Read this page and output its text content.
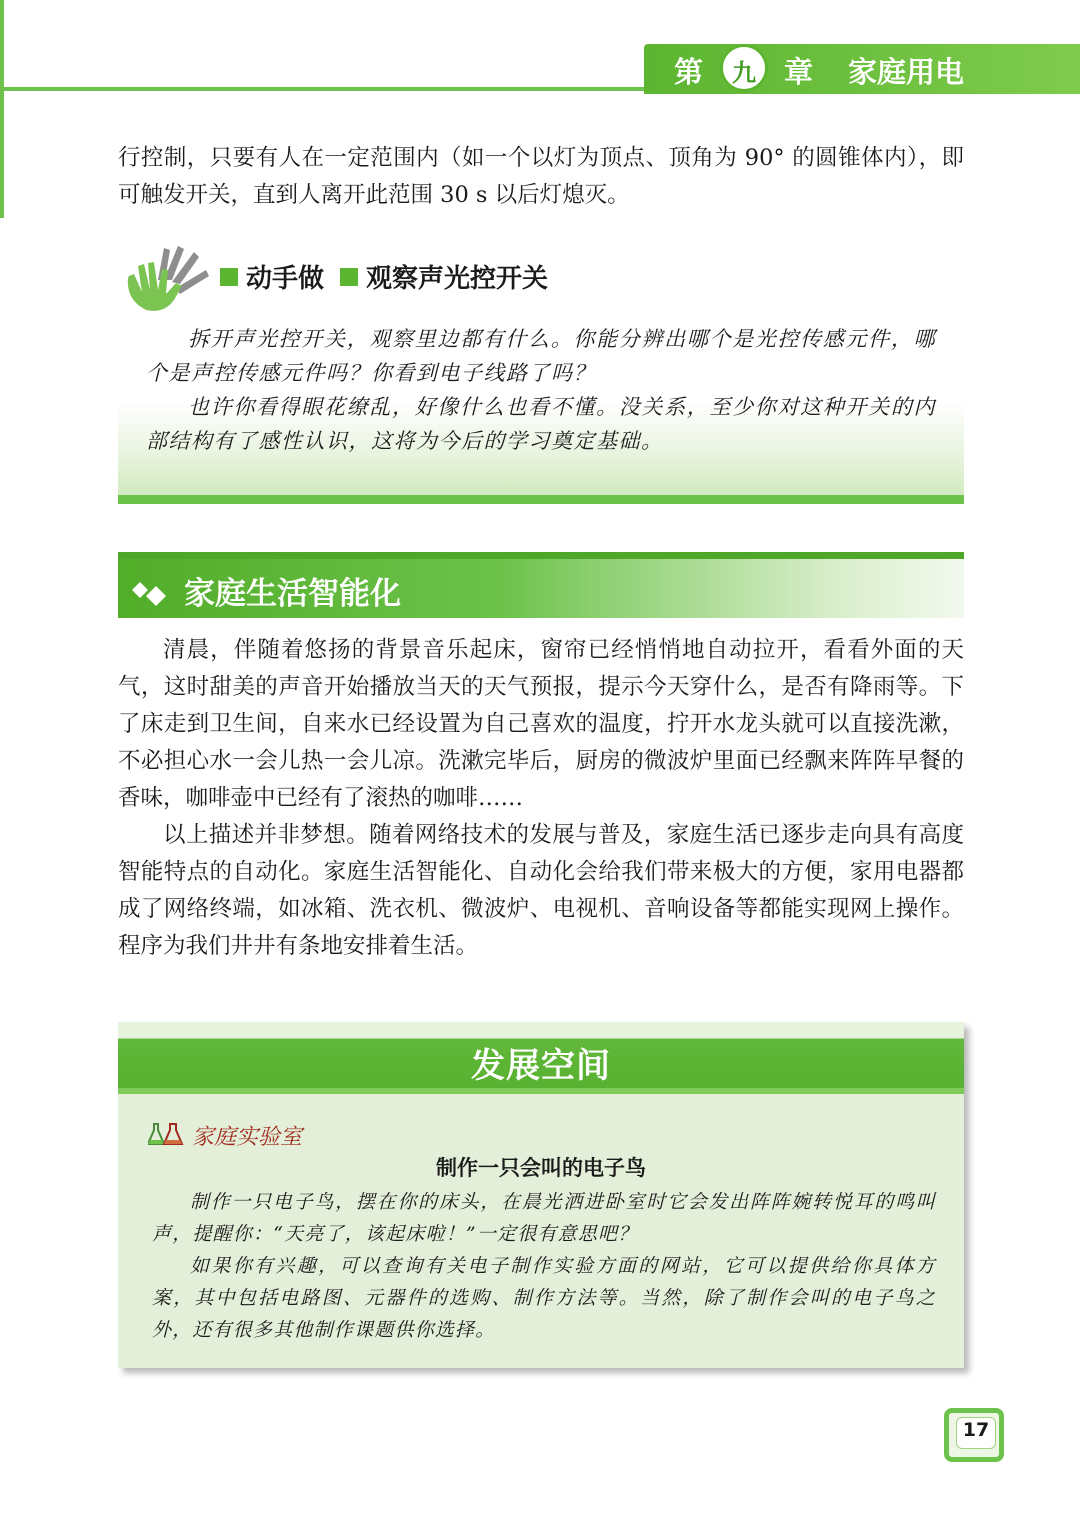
第	九 章 家庭用电

行控制，只要有人在一定范围内（如一个以灯为顶点、顶角为 90° 的圆锥体内），即可触发开关，直到人离开此范围 30 s 以后灯熄灭。

动手做 观察声光控开关

拆开声光控开关，观察里边都有什么。你能分辨出哪个是光控传感元件，哪个是声控传感元件吗？你看到电子线路了吗？

也许你看得眼花缭乱，好像什么也看不懂。没关系，至少你对这种开关的内部结构有了感性认识，这将为今后的学习奠定基础。

家庭生活智能化

清晨，伴随着悠扬的背景音乐起床，窗帘已经悄悄地自动拉开，看看外面的天气，这时甜美的声音开始播放当天的天气预报，提示今天穿什么，是否有降雨等。下了床走到卫生间，自来水已经设置为自己喜欢的温度，拧开水龙头就可以直接洗漱，不必担心水一会儿热一会儿凉。洗漱完毕后，厨房的微波炉里面已经飘来阵阵早餐的香味，咖啡壶中已经有了滚热的咖啡……

以上描述并非梦想。随着网络技术的发展与普及，家庭生活已逐步走向具有高度智能特点的自动化。家庭生活智能化、自动化会给我们带来极大的方便，家用电器都成了网络终端，如冰箱、洗衣机、微波炉、电视机、音响设备等都能实现网上操作。程序为我们井井有条地安排着生活。

发展空间
家庭实验室
制作一只会叫的电子鸟

制作一只电子鸟，摆在你的床头，在晨光洒进卧室时它会发出阵阵婉转悦耳的鸣叫声，提醒你：“天亮了，该起床啦！”一定很有意思吧？

如果你有兴趣，可以查询有关电子制作实验方面的网站，它可以提供给你具体方案，其中包括电路图、元器件的选购、制作方法等。当然，除了制作会叫的电子鸟之外，还有很多其他制作课题供你选择。

17
